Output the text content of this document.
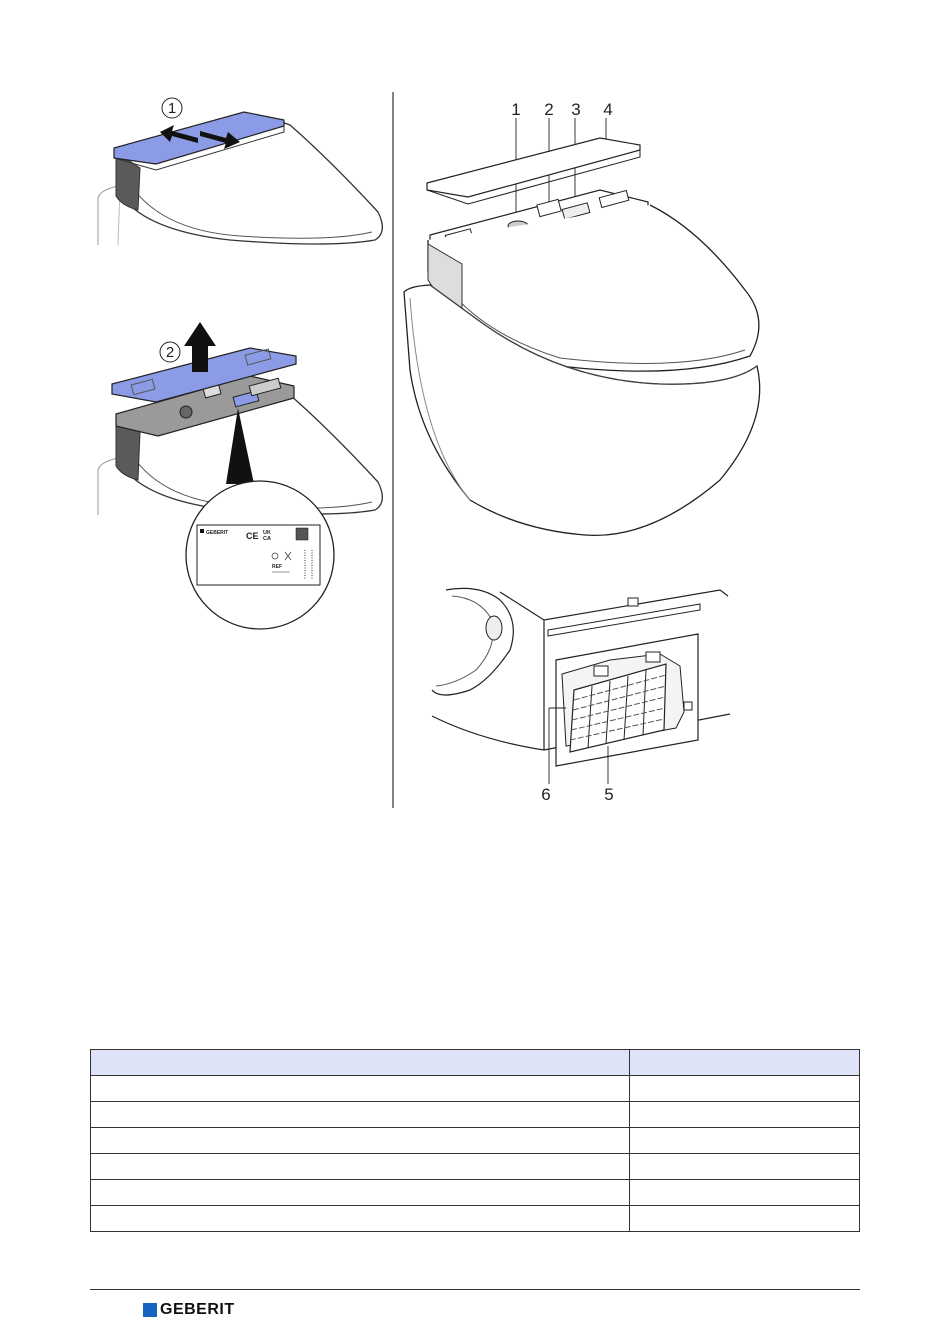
1
2
GEBERIT CE UK
CA
REF
1 2 3 4
6	5

GEBERIT
